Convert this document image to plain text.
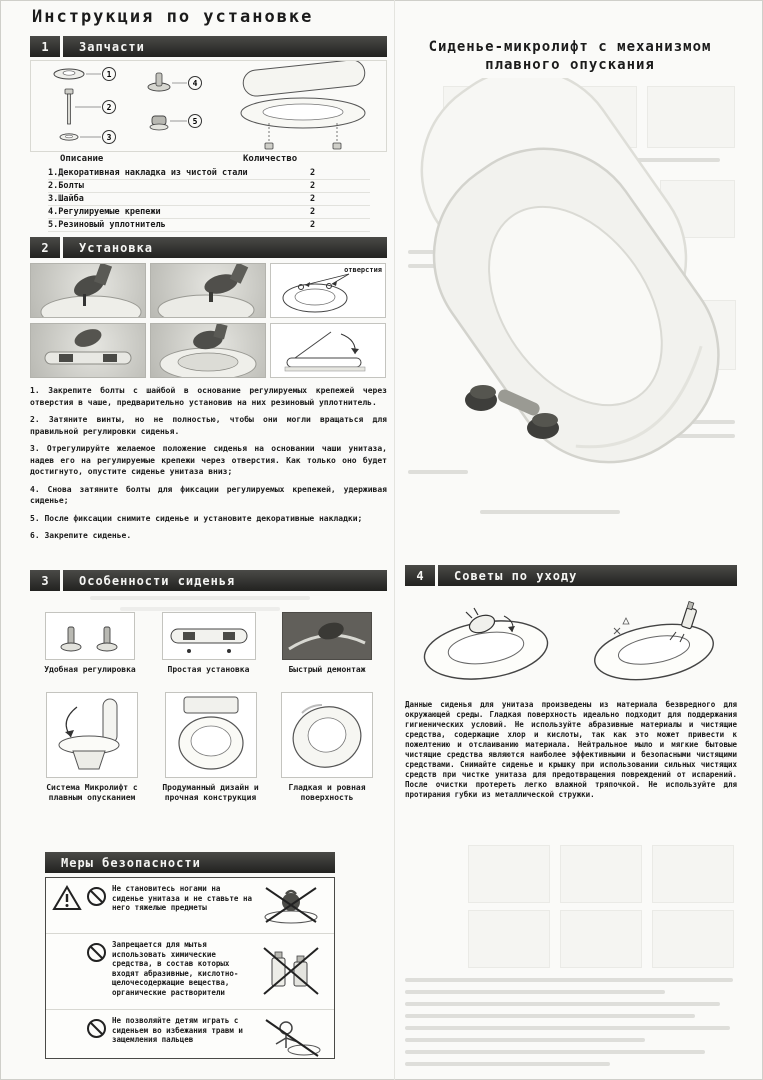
Инструкция по установке
1	Запчасти
1
2
3
4
5
Описание	Количество
1.Декоративная накладка из чистой стали	2
2.Болты	2
3.Шайба	2
4.Регулируемые крепежи	2
5.Резиновый уплотнитель	2
2	Установка
отверстия

1. Закрепите болты с шайбой в основание регулируемых крепежей через отверстия в чаше, предварительно установив на них резиновый уплотнитель.

2. Затяните винты, но не полностью, чтобы они могли вращаться для правильной регулировки сиденья.

3. Отрегулируйте желаемое положение сиденья на основании чаши унитаза, надев его на регулируемые крепежи через отверстия. Как только оно будет достигнуто, опустите сиденье унитаза вниз;

4. Снова затяните болты для фиксации регулируемых крепежей, удерживая сиденье;

5. После фиксации снимите сиденье и установите декоративные накладки;

6. Закрепите сиденье.

3	Особенности сиденья
Удобная регулировка	Простая установка	Быстрый демонтаж
Система Микролифт с плавным опусканием
Продуманный дизайн и прочная конструкция
Гладкая и ровная поверхность
Меры безопасности
Не становитесь ногами на сиденье унитаза и не ставьте на него тяжелые предметы
Запрещается для мытья использовать химические средства, в состав которых входят абразивные, кислотно-щелочесодержащие вещества, органические растворители
Не позволяйте детям играть с сиденьем во избежания травм и защемления пальцев
Сиденье-микролифт с механизмом плавного опускания
4	Советы по уходу
Данные сиденья для унитаза произведены из материала безвредного для окружающей среды. Гладкая поверхность идеально подходит для поддержания гигиенических условий. Не используйте абразивные материалы и чистящие средства, содержащие хлор и кислоты, так как это может привести к пожелтению и отслаиванию материала. Нейтральное мыло и мягкие бытовые чистящие средства являются наиболее эффективными и безопасными чистящими средствами. Снимайте сиденье и крышку при использовании сильных чистящих средств при чистке унитаза для предотвращения повреждений от испарений. После очистки протереть легко влажной тряпочкой. Не используйте для протирания губки из металлической стружки.
